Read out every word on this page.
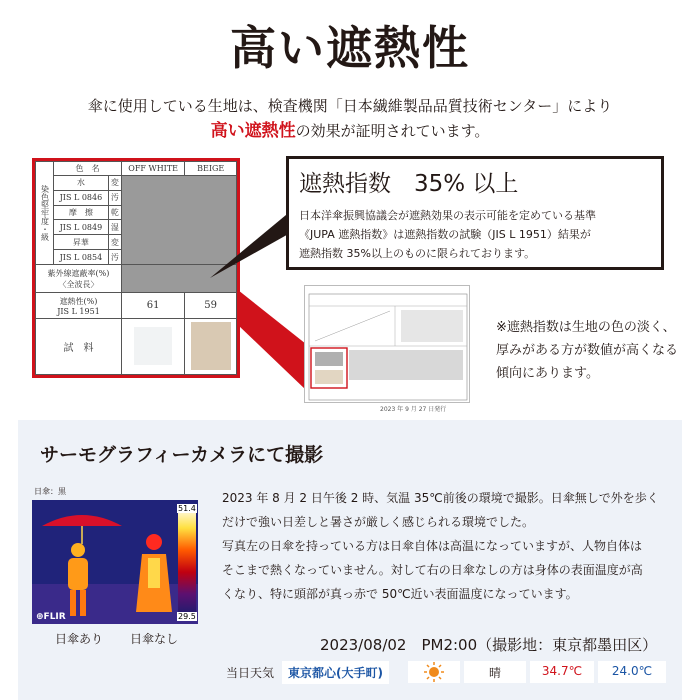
高い遮熱性
傘に使用している生地は、検査機関「日本繊維製品品質技術センター」により
高い遮熱性の効果が証明されています。
染色堅牢度・級	色　名		OFF WHITE	BEIGE
	水	変		
	JIS L 0846	汚		
	摩　擦	乾		
	JIS L 0849	湿		
	昇華	変		
	JIS L 0854	汚		

紫外線遮蔽率(%)
〈全波長〉				

遮熱性(%)
JIS L 1951			61	59
試　料				
遮熱指数　35% 以上
日本洋傘振興協議会が遮熱効果の表示可能を定めている基準
《JUPA 遮熱指数》は遮熱指数の試験（JIS L 1951）結果が
遮熱指数 35%以上のものに限られております。
2023 年 9 月 27 日発行
※遮熱指数は生地の色の淡く、
厚みがある方が数値が高くなる
傾向にあります。
サーモグラフィーカメラにて撮影
日傘：黒
51.4
29.5
⊕FLIR
日傘あり 日傘なし
2023 年 8 月 2 日午後 2 時、気温 35℃前後の環境で撮影。日傘無しで外を歩く
だけで強い日差しと暑さが厳しく感じられる環境でした。
写真左の日傘を持っている方は日傘自体は高温になっていますが、人物自体は
そこまで熱くなっていません。対して右の日傘なしの方は身体の表面温度が高
くなり、特に頭部が真っ赤で 50℃近い表面温度になっています。
2023/08/02　PM2:00（撮影地：東京都墨田区）
当日天気	東京都心(大手町)	晴	34.7℃	24.0℃
